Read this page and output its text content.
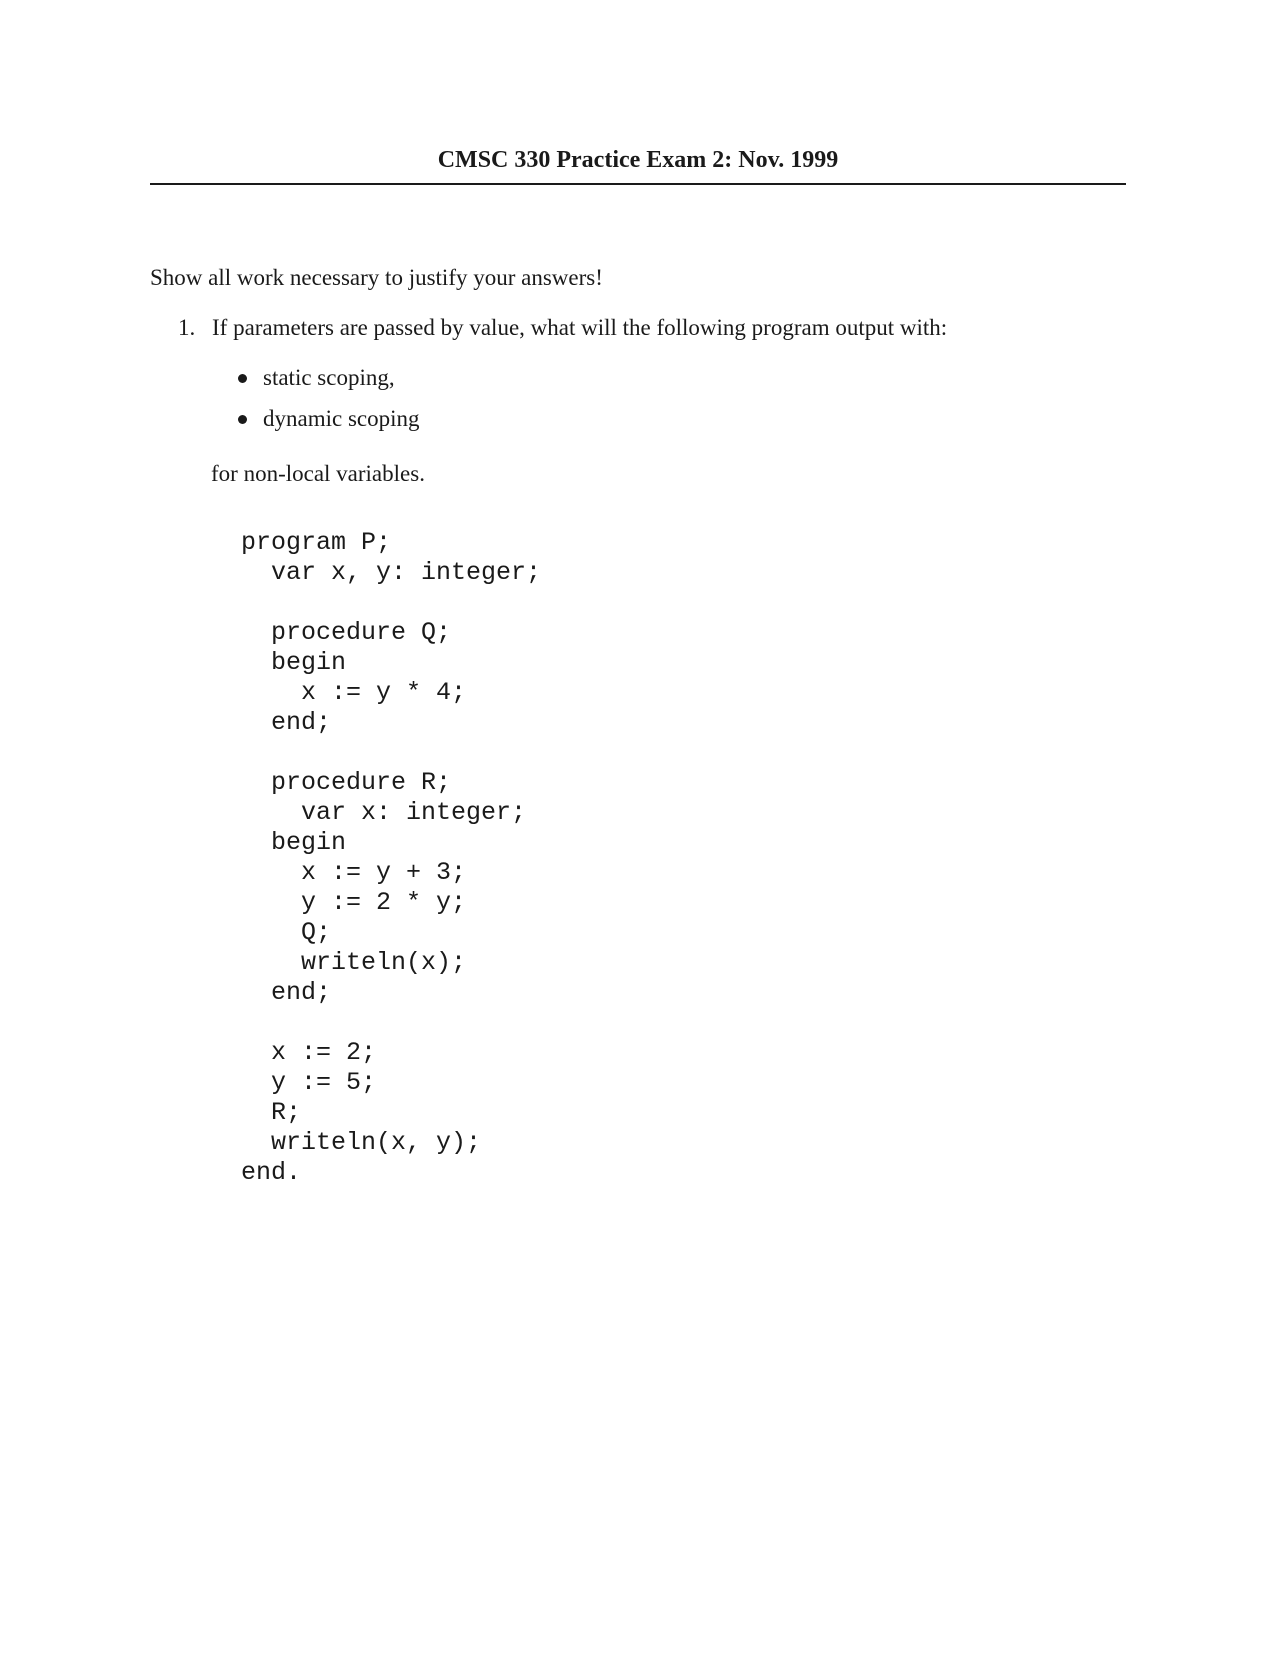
CMSC 330 Practice Exam 2: Nov. 1999
Show all work necessary to justify your answers!
1. If parameters are passed by value, what will the following program output with:
static scoping,
dynamic scoping
for non-local variables.
program P;
var x, y: integer;
procedure Q;
begin
x := y * 4;
end;
procedure R;
var x: integer;
begin
x := y + 3;
y := 2 * y;
Q;
writeln(x);
end;
x := 2;
y := 5;
R;
writeln(x, y);
end.
